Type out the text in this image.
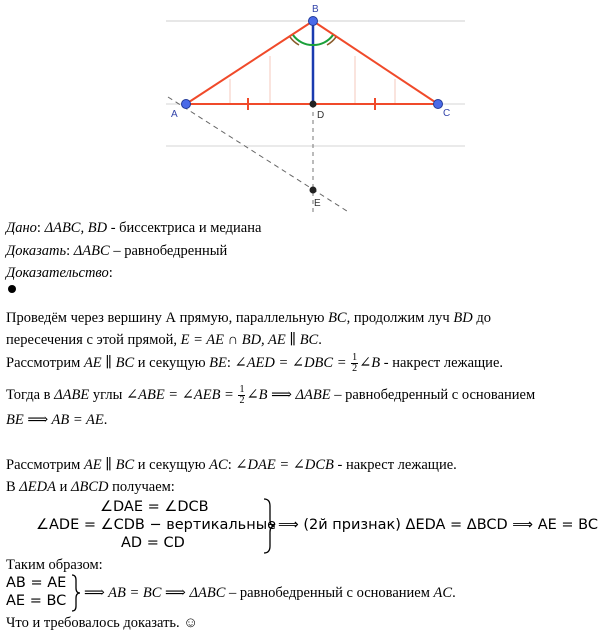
A
B
C
D
E
Дано: ΔABC, BD - биссектриса и медиана
Доказать: ΔABC – равнобедренный
Доказательство:
Проведём через вершину А прямую, параллельную BC, продолжим луч BD до
пересечения с этой прямой, E = AE ∩ BD, AE ∥ BC.
Рассмотрим AE ∥ BC и секущую BE: ∠AED = ∠DBC = $\frac{1}{2}$ ∠B - накрест лежащие.
Тогда в ΔABE углы ∠ABE = ∠AEB = $\frac{1}{2}$ ∠B ⟹ ΔABE – равнобедренный с основанием
BE ⟹ AB = AE.
Рассмотрим AE ∥ BC и секущую AC: ∠DAE = ∠DCB - накрест лежащие.
В ΔEDA и ΔBCD получаем:
∠DAE = ∠DCB
∠ADE = ∠CDB − вертикальные
AD = CD
⟹ (2й признак) ΔEDA = ΔBCD ⟹ AE = BC
Таким образом:
AB = AE
AE = BC ⟹ AB = BC ⟹ ΔABC – равнобедренный с основанием AC.
Что и требовалось доказать. ☺
